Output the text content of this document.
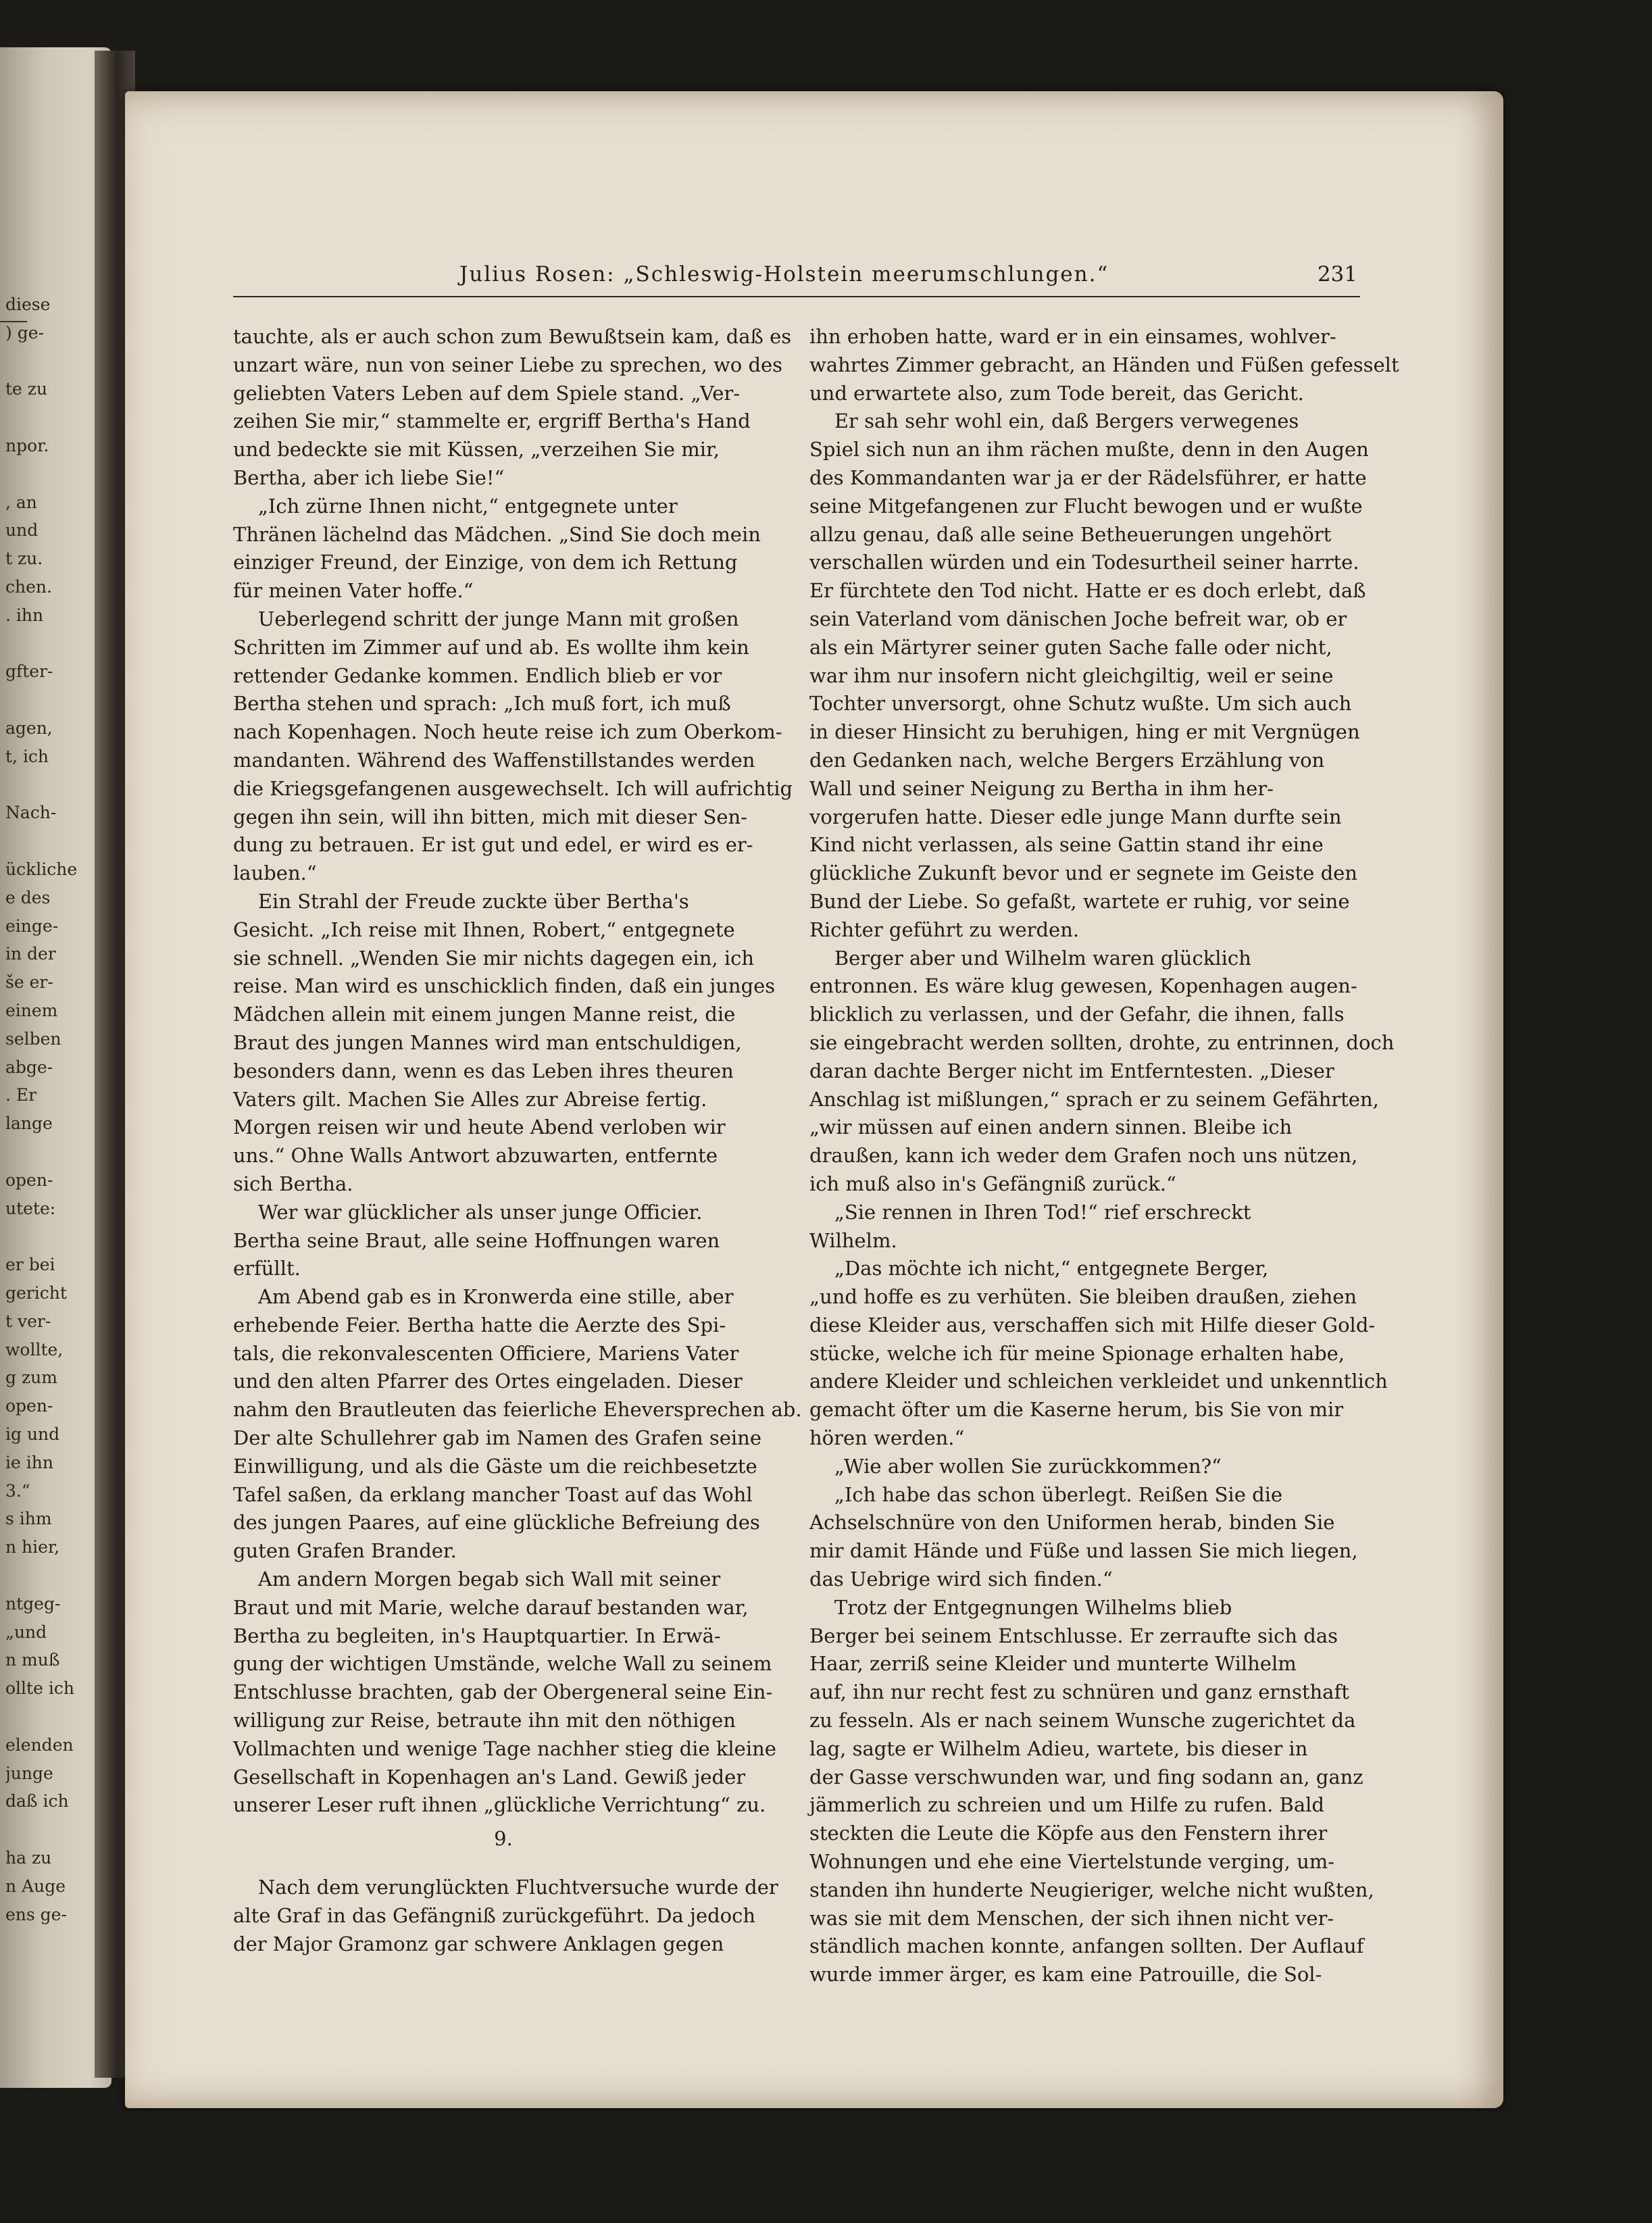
diese

) ge-

te zu

npor.

, an

und

t zu.

chen.

. ihn

gfter-

agen,

t, ich

Nach-

ückliche

e des

einge-

in der

še er-

einem

selben

abge-

. Er

lange

open-

utete:

er bei

gericht

t ver-

wollte,

g zum

open-

ig und

ie ihn

3.“

s ihm

n hier,

ntgeg-

„und

n muß

ollte ich

elenden

junge

daß ich

ha zu

n Auge

ens ge-

Julius Rosen: „Schleswig-Holstein meerumschlungen.“	231

tauchte, als er auch schon zum Bewußtsein kam, daß es

unzart wäre, nun von seiner Liebe zu sprechen, wo des

geliebten Vaters Leben auf dem Spiele stand. „Ver-

zeihen Sie mir,“ stammelte er, ergriff Bertha's Hand

und bedeckte sie mit Küssen, „verzeihen Sie mir,

Bertha, aber ich liebe Sie!“

„Ich zürne Ihnen nicht,“ entgegnete unter

Thränen lächelnd das Mädchen. „Sind Sie doch mein

einziger Freund, der Einzige, von dem ich Rettung

für meinen Vater hoffe.“

Ueberlegend schritt der junge Mann mit großen

Schritten im Zimmer auf und ab. Es wollte ihm kein

rettender Gedanke kommen. Endlich blieb er vor

Bertha stehen und sprach: „Ich muß fort, ich muß

nach Kopenhagen. Noch heute reise ich zum Oberkom-

mandanten. Während des Waffenstillstandes werden

die Kriegsgefangenen ausgewechselt. Ich will aufrichtig

gegen ihn sein, will ihn bitten, mich mit dieser Sen-

dung zu betrauen. Er ist gut und edel, er wird es er-

lauben.“

Ein Strahl der Freude zuckte über Bertha's

Gesicht. „Ich reise mit Ihnen, Robert,“ entgegnete

sie schnell. „Wenden Sie mir nichts dagegen ein, ich

reise. Man wird es unschicklich finden, daß ein junges

Mädchen allein mit einem jungen Manne reist, die

Braut des jungen Mannes wird man entschuldigen,

besonders dann, wenn es das Leben ihres theuren

Vaters gilt. Machen Sie Alles zur Abreise fertig.

Morgen reisen wir und heute Abend verloben wir

uns.“ Ohne Walls Antwort abzuwarten, entfernte

sich Bertha.

Wer war glücklicher als unser junge Officier.

Bertha seine Braut, alle seine Hoffnungen waren

erfüllt.

Am Abend gab es in Kronwerda eine stille, aber

erhebende Feier. Bertha hatte die Aerzte des Spi-

tals, die rekonvalescenten Officiere, Mariens Vater

und den alten Pfarrer des Ortes eingeladen. Dieser

nahm den Brautleuten das feierliche Eheversprechen ab.

Der alte Schullehrer gab im Namen des Grafen seine

Einwilligung, und als die Gäste um die reichbesetzte

Tafel saßen, da erklang mancher Toast auf das Wohl

des jungen Paares, auf eine glückliche Befreiung des

guten Grafen Brander.

Am andern Morgen begab sich Wall mit seiner

Braut und mit Marie, welche darauf bestanden war,

Bertha zu begleiten, in's Hauptquartier. In Erwä-

gung der wichtigen Umstände, welche Wall zu seinem

Entschlusse brachten, gab der Obergeneral seine Ein-

willigung zur Reise, betraute ihn mit den nöthigen

Vollmachten und wenige Tage nachher stieg die kleine

Gesellschaft in Kopenhagen an's Land. Gewiß jeder

unserer Leser ruft ihnen „glückliche Verrichtung“ zu.

9.

Nach dem verunglückten Fluchtversuche wurde der

alte Graf in das Gefängniß zurückgeführt. Da jedoch

der Major Gramonz gar schwere Anklagen gegen

ihn erhoben hatte, ward er in ein einsames, wohlver-

wahrtes Zimmer gebracht, an Händen und Füßen gefesselt

und erwartete also, zum Tode bereit, das Gericht.

Er sah sehr wohl ein, daß Bergers verwegenes

Spiel sich nun an ihm rächen mußte, denn in den Augen

des Kommandanten war ja er der Rädelsführer, er hatte

seine Mitgefangenen zur Flucht bewogen und er wußte

allzu genau, daß alle seine Betheuerungen ungehört

verschallen würden und ein Todesurtheil seiner harrte.

Er fürchtete den Tod nicht. Hatte er es doch erlebt, daß

sein Vaterland vom dänischen Joche befreit war, ob er

als ein Märtyrer seiner guten Sache falle oder nicht,

war ihm nur insofern nicht gleichgiltig, weil er seine

Tochter unversorgt, ohne Schutz wußte. Um sich auch

in dieser Hinsicht zu beruhigen, hing er mit Vergnügen

den Gedanken nach, welche Bergers Erzählung von

Wall und seiner Neigung zu Bertha in ihm her-

vorgerufen hatte. Dieser edle junge Mann durfte sein

Kind nicht verlassen, als seine Gattin stand ihr eine

glückliche Zukunft bevor und er segnete im Geiste den

Bund der Liebe. So gefaßt, wartete er ruhig, vor seine

Richter geführt zu werden.

Berger aber und Wilhelm waren glücklich

entronnen. Es wäre klug gewesen, Kopenhagen augen-

blicklich zu verlassen, und der Gefahr, die ihnen, falls

sie eingebracht werden sollten, drohte, zu entrinnen, doch

daran dachte Berger nicht im Entferntesten. „Dieser

Anschlag ist mißlungen,“ sprach er zu seinem Gefährten,

„wir müssen auf einen andern sinnen. Bleibe ich

draußen, kann ich weder dem Grafen noch uns nützen,

ich muß also in's Gefängniß zurück.“

„Sie rennen in Ihren Tod!“ rief erschreckt

Wilhelm.

„Das möchte ich nicht,“ entgegnete Berger,

„und hoffe es zu verhüten. Sie bleiben draußen, ziehen

diese Kleider aus, verschaffen sich mit Hilfe dieser Gold-

stücke, welche ich für meine Spionage erhalten habe,

andere Kleider und schleichen verkleidet und unkenntlich

gemacht öfter um die Kaserne herum, bis Sie von mir

hören werden.“

„Wie aber wollen Sie zurückkommen?“

„Ich habe das schon überlegt. Reißen Sie die

Achselschnüre von den Uniformen herab, binden Sie

mir damit Hände und Füße und lassen Sie mich liegen,

das Uebrige wird sich finden.“

Trotz der Entgegnungen Wilhelms blieb

Berger bei seinem Entschlusse. Er zerraufte sich das

Haar, zerriß seine Kleider und munterte Wilhelm

auf, ihn nur recht fest zu schnüren und ganz ernsthaft

zu fesseln. Als er nach seinem Wunsche zugerichtet da

lag, sagte er Wilhelm Adieu, wartete, bis dieser in

der Gasse verschwunden war, und fing sodann an, ganz

jämmerlich zu schreien und um Hilfe zu rufen. Bald

steckten die Leute die Köpfe aus den Fenstern ihrer

Wohnungen und ehe eine Viertelstunde verging, um-

standen ihn hunderte Neugieriger, welche nicht wußten,

was sie mit dem Menschen, der sich ihnen nicht ver-

ständlich machen konnte, anfangen sollten. Der Auflauf

wurde immer ärger, es kam eine Patrouille, die Sol-
